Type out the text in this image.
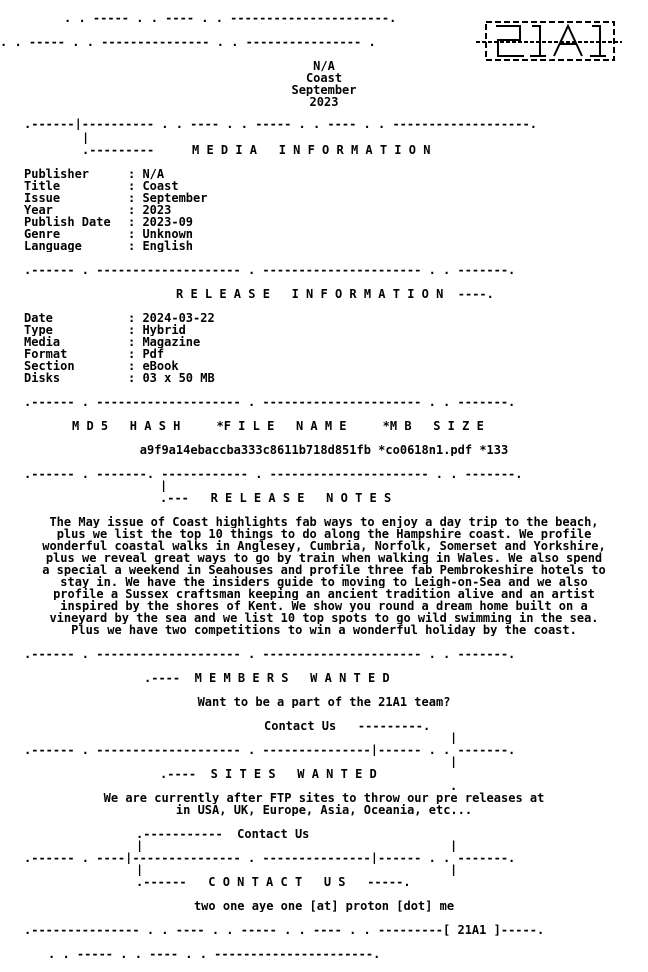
. . ----- . . ---- . . ----------------------.
. . ----- . . --------------- . . ---------------- .
21A1
N/A
Coast
September
2023
.------|---------- . . ---- . . ----- . . ---- . . -------------------.
|
.---------	M E D I A   I N F O R M A T I O N
Publisher	: N/A
Title	: Coast
Issue	: September
Year	: 2023
Publish Date	: 2023-09
Genre	: Unknown
Language	: English
.------ . -------------------- . ---------------------- . . -------.
R E L E A S E   I N F O R M A T I O N  ----.
Date	: 2024-03-22
Type	: Hybrid
Media	: Magazine
Format	: Pdf
Section	: eBook
Disks	: 03 x 50 MB
.------ . -------------------- . ---------------------- . . -------.
M D 5   H A S H     *F I L E   N A M E     *M B   S I Z E
a9f9a14ebaccba333c8611b718d851fb *co0618n1.pdf *133
.------ . -------. ------------ . ---------------------- . . -------.
|
.---   R E L E A S E   N O T E S
The May issue of Coast highlights fab ways to enjoy a day trip to the beach,
plus we list the top 10 things to do along the Hampshire coast. We profile
wonderful coastal walks in Anglesey, Cumbria, Norfolk, Somerset and Yorkshire,
plus we reveal great ways to go by train when walking in Wales. We also spend
a special a weekend in Seahouses and profile three fab Pembrokeshire hotels to
stay in. We have the insiders guide to moving to Leigh-on-Sea and we also
profile a Sussex craftsman keeping an ancient tradition alive and an artist
inspired by the shores of Kent. We show you round a dream home built on a
vineyard by the sea and we list 10 top spots to go wild swimming in the sea.
Plus we have two competitions to win a wonderful holiday by the coast.
.------ . -------------------- . ---------------------- . . -------.
.----  M E M B E R S   W A N T E D
Want to be a part of the 21A1 team?
Contact Us   ---------.
|
.------ . -------------------- . ---------------|------ . . -------.
|
.----  S I T E S   W A N T E D
.
We are currently after FTP sites to throw our pre releases at
in USA, UK, Europe, Asia, Oceania, etc...
.-----------  Contact Us
|	|
.------ . ----|--------------- . ---------------|------ . . -------.
|	|
.------   C O N T A C T   U S   -----.
two one aye one [at] proton [dot] me
.--------------- . . ---- . . ----- . . ---- . . ---------[ 21A1 ]-----.
. . ----- . . ---- . . ----------------------.
